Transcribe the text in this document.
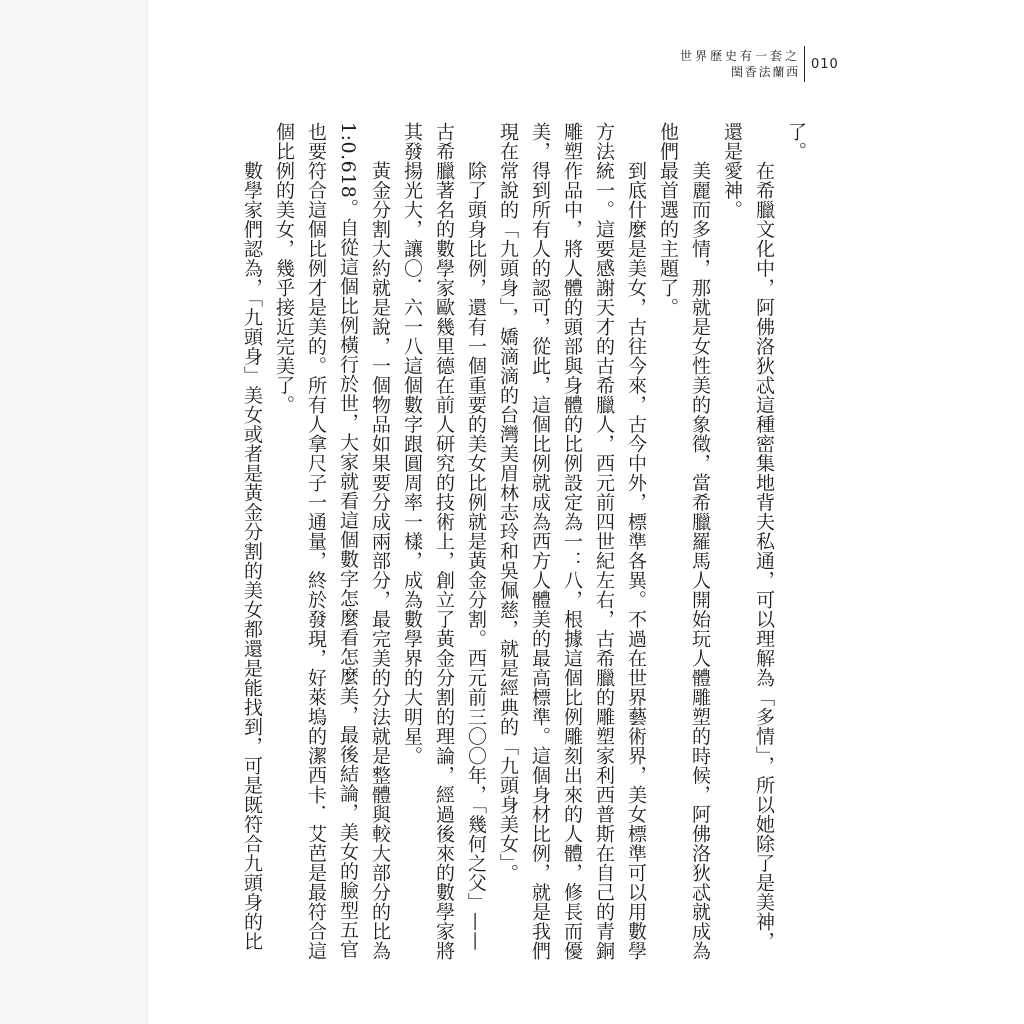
世界歷史有一套之
閨香法蘭西
010
了。
在希臘文化中，阿佛洛狄忒這種密集地背夫私通，可以理解為「多情」，所以她除了是美神，
還是愛神。
美麗而多情，那就是女性美的象徵，當希臘羅馬人開始玩人體雕塑的時候，阿佛洛狄忒就成為
他們最首選的主題了。
到底什麼是美女，古往今來，古今中外，標準各異。不過在世界藝術界，美女標準可以用數學
方法統一。這要感謝天才的古希臘人，西元前四世紀左右，古希臘的雕塑家利西普斯在自己的青銅
雕塑作品中，將人體的頭部與身體的比例設定為一：八，根據這個比例雕刻出來的人體，修長而優
美，得到所有人的認可，從此，這個比例就成為西方人體美的最高標準。這個身材比例，就是我們
現在常說的「九頭身」，嬌滴滴的台灣美眉林志玲和吳佩慈，就是經典的「九頭身美女」。
除了頭身比例，還有一個重要的美女比例就是黃金分割。西元前三〇〇年，「幾何之父」——
古希臘著名的數學家歐幾里德在前人研究的技術上，創立了黃金分割的理論，經過後來的數學家將
其發揚光大，讓〇．六一八這個數字跟圓周率一樣，成為數學界的大明星。
黃金分割大約就是說，一個物品如果要分成兩部分，最完美的分法就是整體與較大部分的比為
1:0.618。自從這個比例橫行於世，大家就看這個數字怎麼看怎麼美，最後結論，美女的臉型五官
也要符合這個比例才是美的。所有人拿尺子一通量，終於發現，好萊塢的潔西卡．艾芭是最符合這
個比例的美女，幾乎接近完美了。
數學家們認為，「九頭身」美女或者是黃金分割的美女都還是能找到，可是既符合九頭身的比
